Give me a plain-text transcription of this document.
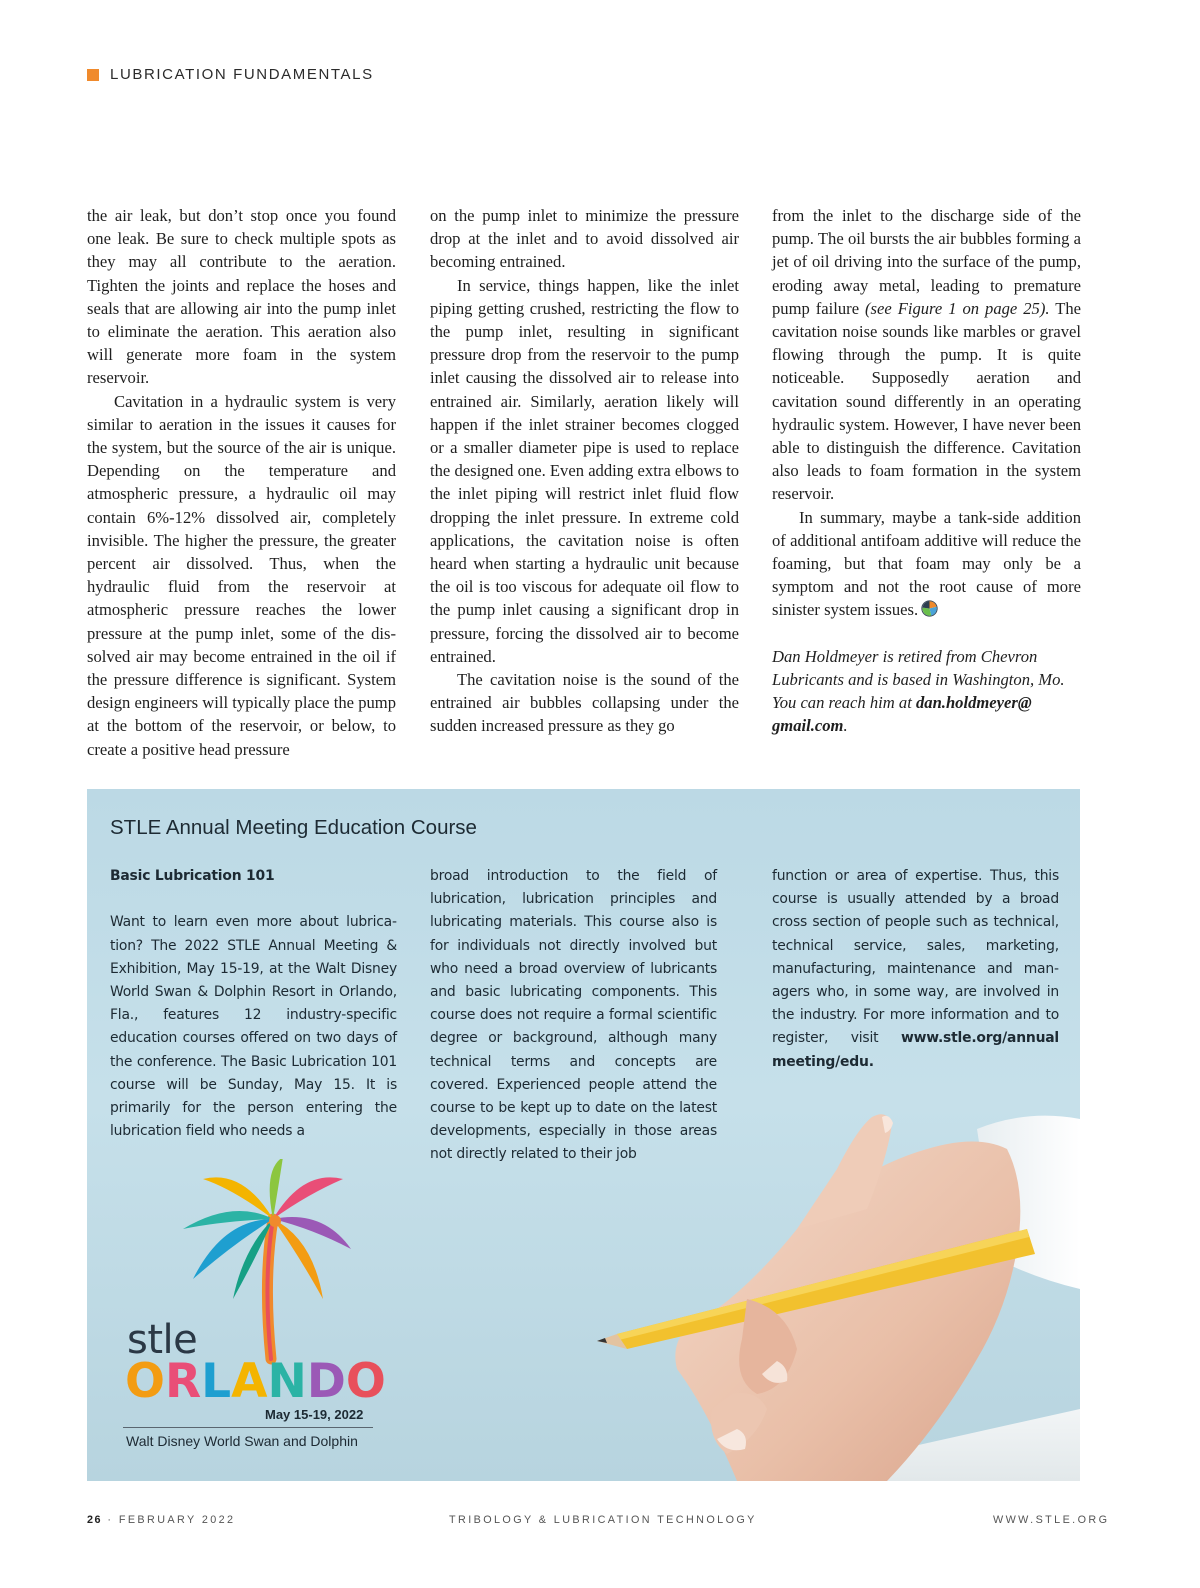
LUBRICATION FUNDAMENTALS

the air leak, but don’t stop once you found one leak. Be sure to check multiple spots as they may all contribute to the aeration. Tighten the joints and replace the hoses and seals that are allowing air into the pump inlet to eliminate the aeration. This aeration also will generate more foam in the system reservoir.

Cavitation in a hydraulic system is very similar to aeration in the issues it causes for the system, but the source of the air is unique. Depending on the temperature and atmospheric pressure, a hydraulic oil may contain 6%-12% dissolved air, completely invisible. The higher the pressure, the greater percent air dissolved. Thus, when the hydraulic fluid from the reservoir at atmospheric pressure reaches the lower pressure at the pump inlet, some of the dissolved air may become entrained in the oil if the pressure difference is significant. System design engineers will typically place the pump at the bottom of the reservoir, or below, to create a positive head pressure

on the pump inlet to minimize the pressure drop at the inlet and to avoid dissolved air becoming entrained.

In service, things happen, like the inlet piping getting crushed, restricting the flow to the pump inlet, resulting in significant pressure drop from the reservoir to the pump inlet causing the dissolved air to release into entrained air. Similarly, aeration likely will happen if the inlet strainer becomes clogged or a smaller diameter pipe is used to replace the designed one. Even adding extra elbows to the inlet piping will restrict inlet fluid flow dropping the inlet pressure. In extreme cold applications, the cavitation noise is often heard when starting a hydraulic unit because the oil is too viscous for adequate oil flow to the pump inlet causing a significant drop in pressure, forcing the dissolved air to become entrained.

The cavitation noise is the sound of the entrained air bubbles collapsing under the sudden increased pressure as they go

from the inlet to the discharge side of the pump. The oil bursts the air bubbles forming a jet of oil driving into the surface of the pump, eroding away metal, leading to premature pump failure (see Figure 1 on page 25). The cavitation noise sounds like marbles or gravel flowing through the pump. It is quite noticeable. Supposedly aeration and cavitation sound differently in an operating hydraulic system. However, I have never been able to distinguish the difference. Cavitation also leads to foam formation in the system reservoir.

In summary, maybe a tank-side addition of additional antifoam additive will reduce the foaming, but that foam may only be a symptom and not the root cause of more sinister system issues.

Dan Holdmeyer is retired from Chevron Lubricants and is based in Washington, Mo. You can reach him at dan.holdmeyer@ gmail.com.

STLE Annual Meeting Education Course

Basic Lubrication 101

Want to learn even more about lubrication? The 2022 STLE Annual Meeting & Exhibition, May 15-19, at the Walt Disney World Swan & Dolphin Resort in Orlando, Fla., features 12 industry-specific education courses offered on two days of the conference. The Basic Lubrication 101 course will be Sunday, May 15. It is primarily for the person entering the lubrication field who needs a

broad introduction to the field of lubrication, lubrication principles and lubricating materials. This course also is for individuals not directly involved but who need a broad overview of lubricants and basic lubricating components. This course does not require a formal scientific degree or background, although many technical terms and concepts are covered. Experienced people attend the course to be kept up to date on the latest developments, especially in those areas not directly related to their job

function or area of expertise. Thus, this course is usually attended by a broad cross section of people such as technical, technical service, sales, marketing, manufacturing, maintenance and managers who, in some way, are involved in the industry. For more information and to register, visit www.stle.org/annual meeting/edu.

stle
O R L A N D O
May 15-19, 2022
Walt Disney World Swan and Dolphin
26 · FEBRUARY 2022	TRIBOLOGY & LUBRICATION TECHNOLOGY	WWW.STLE.ORG
